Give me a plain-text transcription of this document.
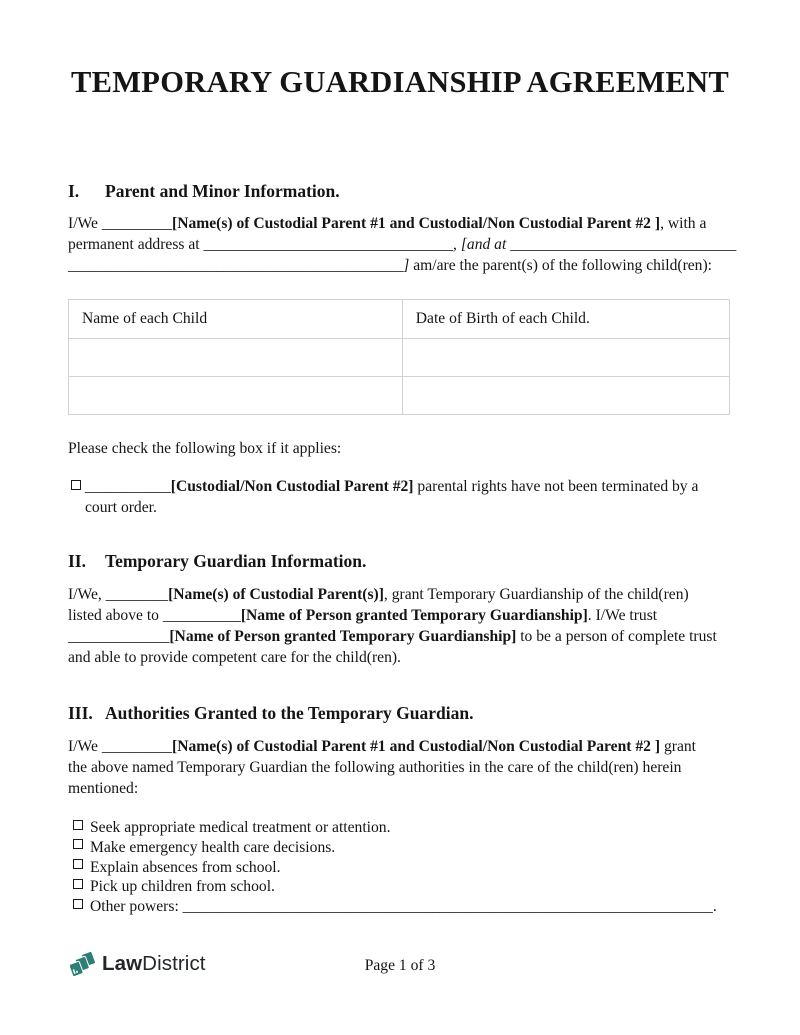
TEMPORARY GUARDIANSHIP AGREEMENT
I. Parent and Minor Information.
I/We _________[Name(s) of Custodial Parent #1 and Custodial/Non Custodial Parent #2 ], with a
permanent address at ________________________________, [and at _____________________________
___________________________________________] am/are the parent(s) of the following child(ren):
Name of each Child	Date of Birth of each Child.

Please check the following box if it applies:
___________[Custodial/Non Custodial Parent #2] parental rights have not been terminated by a
court order.
II. Temporary Guardian Information.
I/We, ________[Name(s) of Custodial Parent(s)], grant Temporary Guardianship of the child(ren)
listed above to __________[Name of Person granted Temporary Guardianship]. I/We trust
_____________[Name of Person granted Temporary Guardianship] to be a person of complete trust
and able to provide competent care for the child(ren).
III. Authorities Granted to the Temporary Guardian.
I/We _________[Name(s) of Custodial Parent #1 and Custodial/Non Custodial Parent #2 ] grant
the above named Temporary Guardian the following authorities in the care of the child(ren) herein
mentioned:
Seek appropriate medical treatment or attention.
Make emergency health care decisions.
Explain absences from school.
Pick up children from school.
Other powers: ____________________________________________________________________.
LawDistrict	Page 1 of 3
